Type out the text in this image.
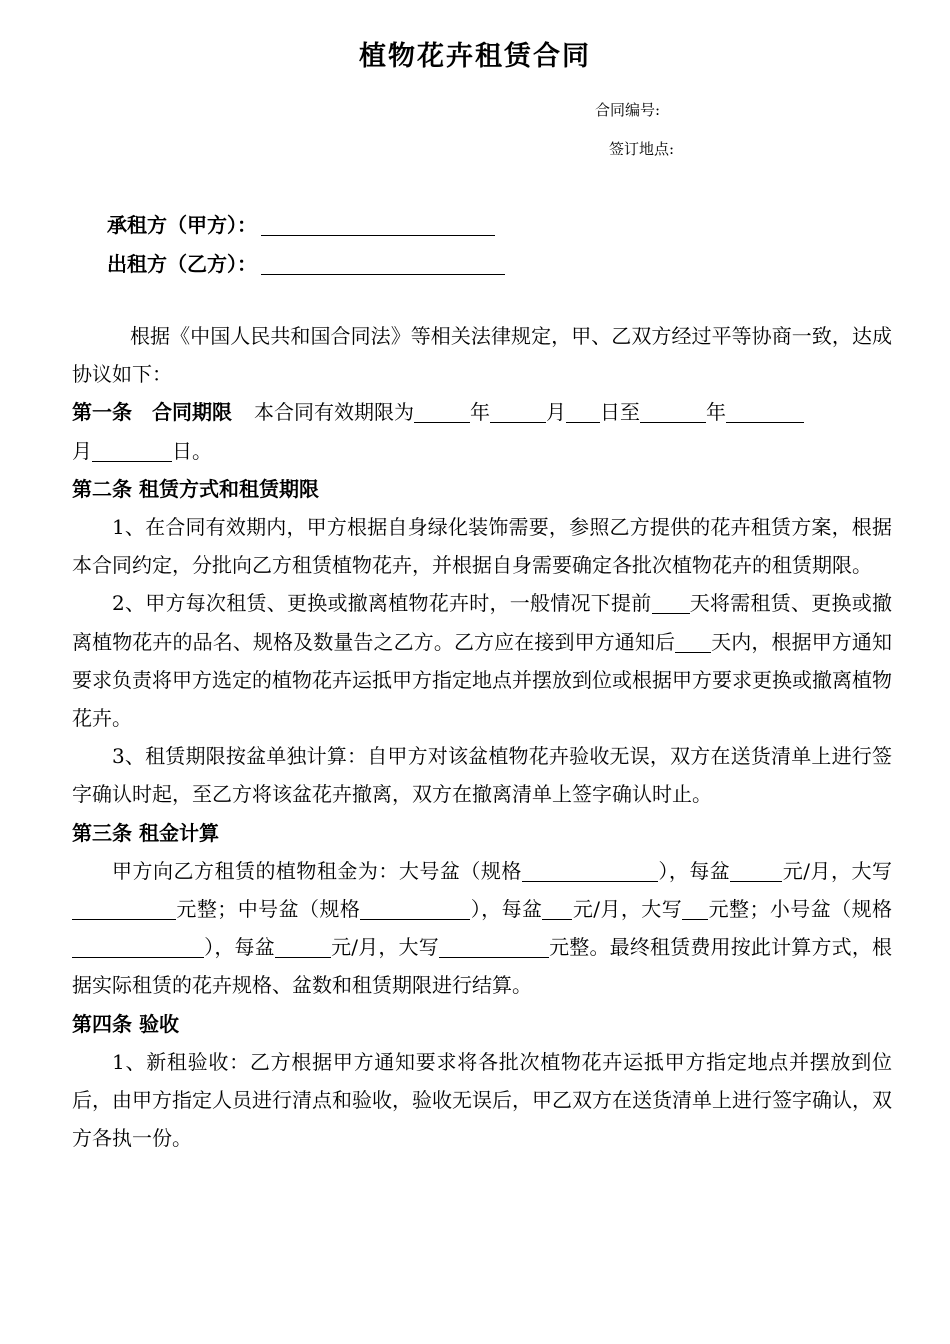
植物花卉租赁合同
合同编号:
签订地点:
承租方（甲方）：
出租方（乙方）：

根据《中国人民共和国合同法》等相关法律规定，甲、乙双方经过平等协商一致，达成协议如下：

第一条　合同期限 本合同有效期限为	年	月 日至	年
月	日。

第二条 租赁方式和租赁期限

1、在合同有效期内，甲方根据自身绿化装饰需要，参照乙方提供的花卉租赁方案，根据本合同约定，分批向乙方租赁植物花卉，并根据自身需要确定各批次植物花卉的租赁期限。

2、甲方每次租赁、更换或撤离植物花卉时，一般情况下提前 天将需租赁、更换或撤离植物花卉的品名、规格及数量告之乙方。乙方应在接到甲方通知后 天内，根据甲方通知要求负责将甲方选定的植物花卉运抵甲方指定地点并摆放到位或根据甲方要求更换或撤离植物花卉。

3、租赁期限按盆单独计算：自甲方对该盆植物花卉验收无误，双方在送货清单上进行签字确认时起，至乙方将该盆花卉撤离，双方在撤离清单上签字确认时止。

第三条 租金计算

甲方向乙方租赁的植物租金为：大号盆（规格	），每盆	元/月，大写元整；中号盆（规格	），每盆 元/月，大写 元整；小号盆（规格），每盆	元/月，大写	元整。最终租赁费用按此计算方式，根据实际租赁的花卉规格、盆数和租赁期限进行结算。

第四条 验收

1、新租验收：乙方根据甲方通知要求将各批次植物花卉运抵甲方指定地点并摆放到位后，由甲方指定人员进行清点和验收，验收无误后，甲乙双方在送货清单上进行签字确认，双方各执一份。
